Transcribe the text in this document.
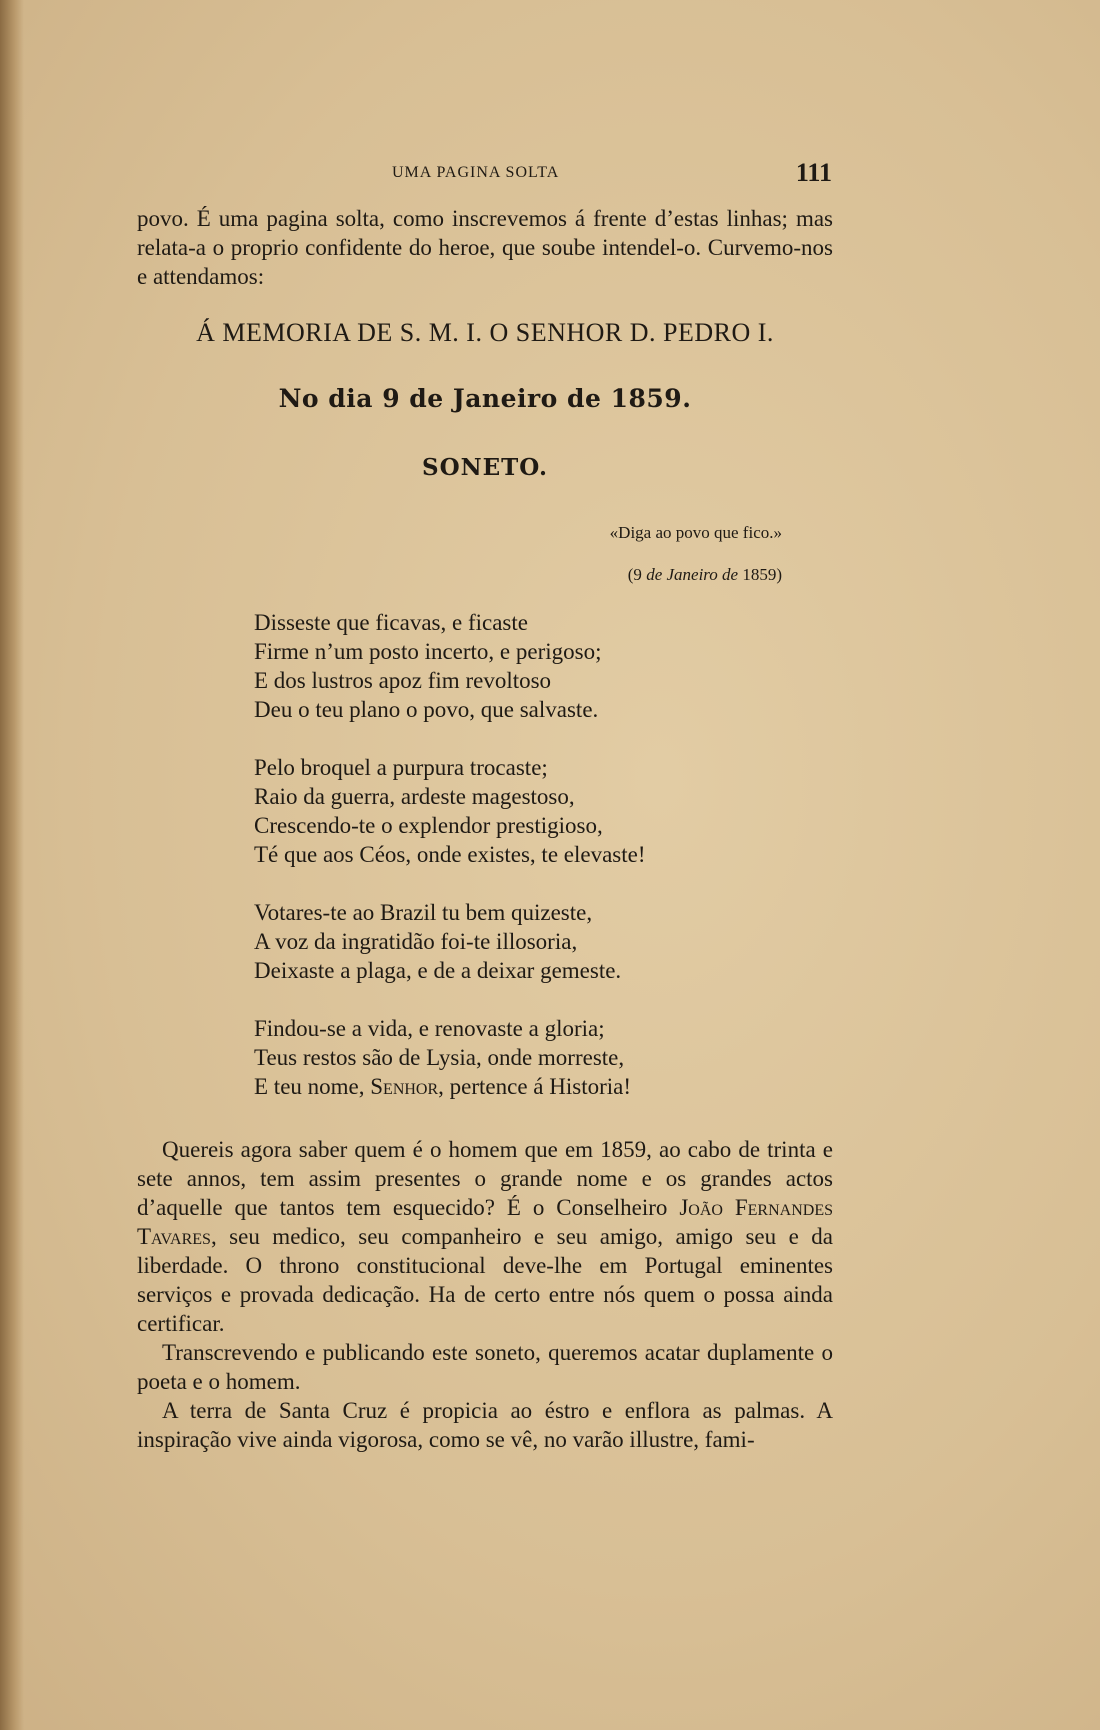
UMA PAGINA SOLTA	111

povo. É uma pagina solta, como inscrevemos á frente d’estas linhas; mas relata-a o proprio confidente do heroe, que soube intendel-o. Curvemo-nos e attendamos:

Á MEMORIA DE S. M. I. O SENHOR D. PEDRO I.
No dia 9 de Janeiro de 1859.
SONETO.
«Diga ao povo que fico.»
(9 de Janeiro de 1859)
Disseste que ficavas, e ficaste
Firme n’um posto incerto, e perigoso;
E dos lustros apoz fim revoltoso
Deu o teu plano o povo, que salvaste.
Pelo broquel a purpura trocaste;
Raio da guerra, ardeste magestoso,
Crescendo-te o explendor prestigioso,
Té que aos Céos, onde existes, te elevaste!
Votares-te ao Brazil tu bem quizeste,
A voz da ingratidão foi-te illosoria,
Deixaste a plaga, e de a deixar gemeste.
Findou-se a vida, e renovaste a gloria;
Teus restos são de Lysia, onde morreste,
E teu nome, Senhor, pertence á Historia!

Quereis agora saber quem é o homem que em 1859, ao cabo de trinta e sete annos, tem assim presentes o grande nome e os grandes actos d’aquelle que tantos tem esquecido? É o Conselheiro João Fernandes Tavares, seu medico, seu companheiro e seu amigo, amigo seu e da liberdade. O throno constitucional deve-lhe em Portugal eminentes serviços e provada dedicação. Ha de certo entre nós quem o possa ainda certificar.

Transcrevendo e publicando este soneto, queremos acatar duplamente o poeta e o homem.

A terra de Santa Cruz é propicia ao éstro e enflora as palmas. A inspiração vive ainda vigorosa, como se vê, no varão illustre, fami-
